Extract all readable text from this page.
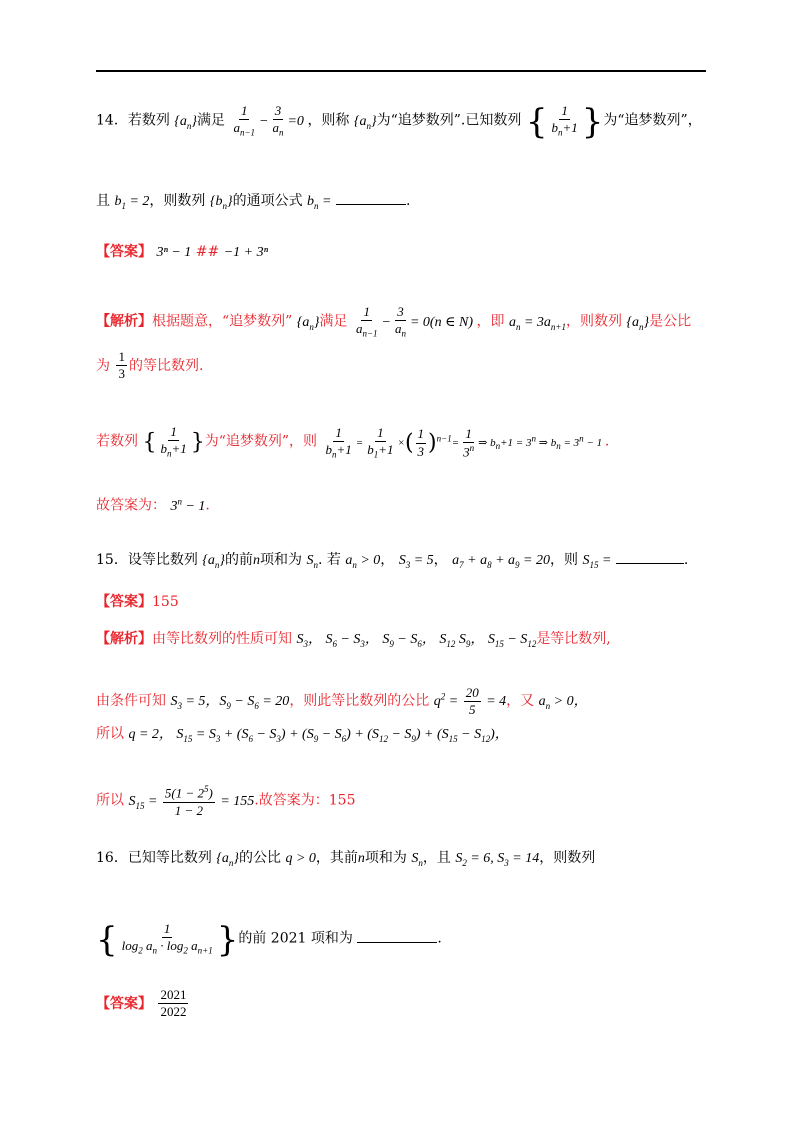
14．若数列 $\{a_n\}$满足 $\frac{1}{a_{n-1}} - \frac{3}{a_n} =0$ ，则称 $\{a_n\}$为“追梦数列”.已知数列 { $\frac{1}{b_n+1}$ }为“追梦数列”，
且 $b_1 = 2$，则数列 $\{b_n\}$的通项公式 $b_n$ =	.
【答案】 3ⁿ − 1 ## −1 + 3ⁿ
【解析】根据题意，“追梦数列” $\{a_n\}$满足 $\frac{1}{a_{n-1}} - \frac{3}{a_n} = 0(n$ ∈ N) ，即 $a_n = 3a_{n+1}$，则数列 $\{a_n\}$是公比
为 $\frac{1}{3}$ 的等比数列.
若数列 { $\frac{1}{b_n+1}$ }为“追梦数列”，则 $\frac{1}{b_n+1} = \frac{1}{b_1+1}$ ×( $\frac{1}{3} )^{n-1}= \frac{1}{3^n}$ ⇒ $b_n+1 = 3^n$ ⇒ $b_n = 3^n - 1$ .
故答案为： $3^n - 1$.
15．设等比数列 $\{a_n\}$的前n项和为 $S_n$. 若 $a_n > 0$， $S_3 = 5$， $a_7 + a_8 + a_9 = 20$，则 $S_{15}$ =	.
【答案】155
【解析】由等比数列的性质可知 $S_3$， $S_6 - S_3$， $S_9 - S_6$， $S_{12}$ $S_9$， $S_{15} - S_{12}$是等比数列,
由条件可知 $S_3 = 5$，$S_9 - S_6 = 20$，则此等比数列的公比 $q^2 = \frac{20}{5} = 4$，又 $a_n > 0$，
所以 q = 2， $S_{15} = S_3 + (S_6 - S_3) + (S_9 - S_6) + (S_{12} - S_9) + (S_{15} - S_{12})$，
所以 $S_{15} = \frac{5(1 - 2^5)}{1 - 2} = 155$.故答案为：155
16．已知等比数列 $\{a_n\}$的公比 q > 0，其前n项和为 $S_n$，且 $S_2 = 6$, $S_3 = 14$，则数列
{ $\frac{1}{\log_2 a_n \cdot \log_2 a_{n+1}}$ }的前 2021 项和为	.
【答案】 $\frac{2021}{2022}$
